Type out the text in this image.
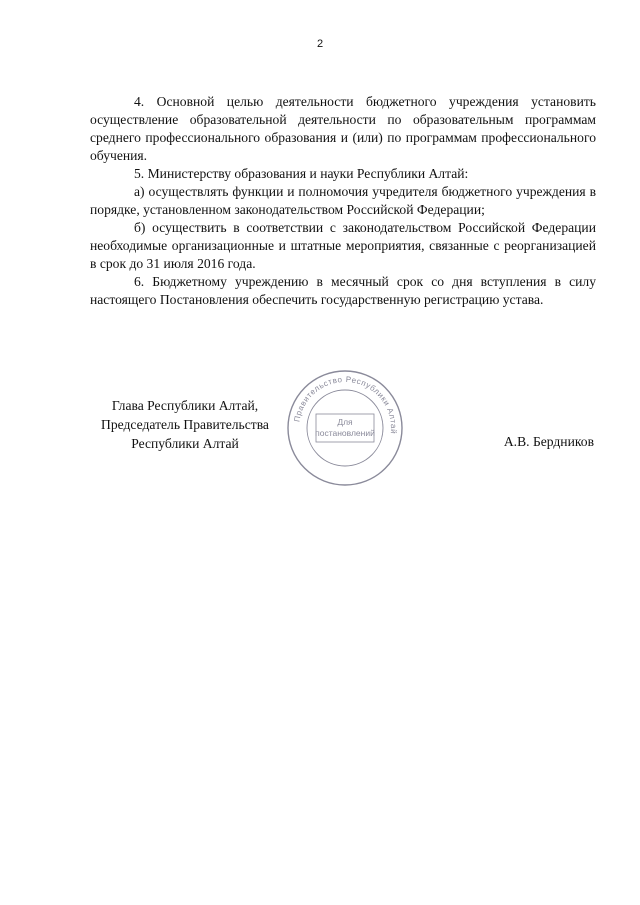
2

4. Основной целью деятельности бюджетного учреждения установить осуществление образовательной деятельности по образовательным программам среднего профессионального образования и (или) по программам профессионального обучения.

5. Министерству образования и науки Республики Алтай:

а) осуществлять функции и полномочия учредителя бюджетного учреждения в порядке, установленном законодательством Российской Федерации;

б) осуществить в соответствии с законодательством Российской Федерации необходимые организационные и штатные мероприятия, связанные с реорганизацией в срок до 31 июля 2016 года.

6. Бюджетному учреждению в месячный срок со дня вступления в силу настоящего Постановления обеспечить государственную регистрацию устава.

Глава Республики Алтай,
Председатель Правительства
Республики Алтай	А.В. Бердников
Правительство Республики Алтай
Для
постановлений
